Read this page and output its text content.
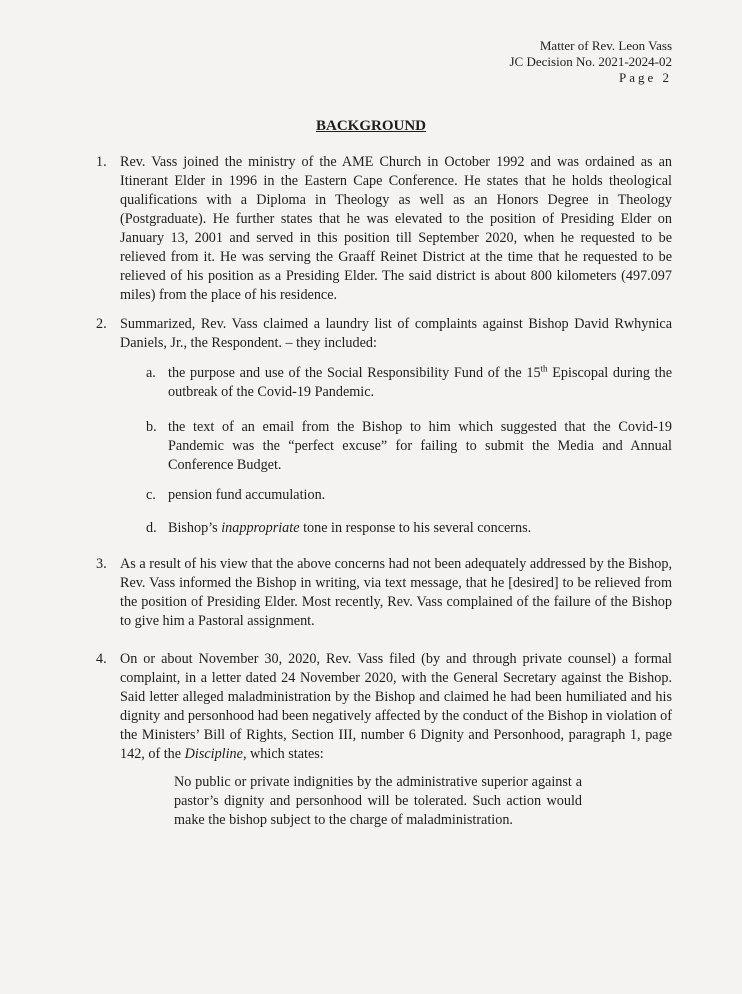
Matter of Rev. Leon Vass
JC Decision No. 2021-2024-02
Page 2
BACKGROUND

1. Rev. Vass joined the ministry of the AME Church in October 1992 and was ordained as an Itinerant Elder in 1996 in the Eastern Cape Conference. He states that he holds theological qualifications with a Diploma in Theology as well as an Honors Degree in Theology (Postgraduate). He further states that he was elevated to the position of Presiding Elder on January 13, 2001 and served in this position till September 2020, when he requested to be relieved from it. He was serving the Graaff Reinet District at the time that he requested to be relieved of his position as a Presiding Elder. The said district is about 800 kilometers (497.097 miles) from the place of his residence.

2. Summarized, Rev. Vass claimed a laundry list of complaints against Bishop David Rwhynica Daniels, Jr., the Respondent. – they included:

a. the purpose and use of the Social Responsibility Fund of the 15th Episcopal during the outbreak of the Covid-19 Pandemic.

b. the text of an email from the Bishop to him which suggested that the Covid-19 Pandemic was the “perfect excuse” for failing to submit the Media and Annual Conference Budget.

c. pension fund accumulation.

d. Bishop’s inappropriate tone in response to his several concerns.

3. As a result of his view that the above concerns had not been adequately addressed by the Bishop, Rev. Vass informed the Bishop in writing, via text message, that he [desired] to be relieved from the position of Presiding Elder. Most recently, Rev. Vass complained of the failure of the Bishop to give him a Pastoral assignment.

4. On or about November 30, 2020, Rev. Vass filed (by and through private counsel) a formal complaint, in a letter dated 24 November 2020, with the General Secretary against the Bishop. Said letter alleged maladministration by the Bishop and claimed he had been humiliated and his dignity and personhood had been negatively affected by the conduct of the Bishop in violation of the Ministers’ Bill of Rights, Section III, number 6 Dignity and Personhood, paragraph 1, page 142, of the Discipline, which states:

No public or private indignities by the administrative superior against a pastor’s dignity and personhood will be tolerated. Such action would make the bishop subject to the charge of maladministration.
